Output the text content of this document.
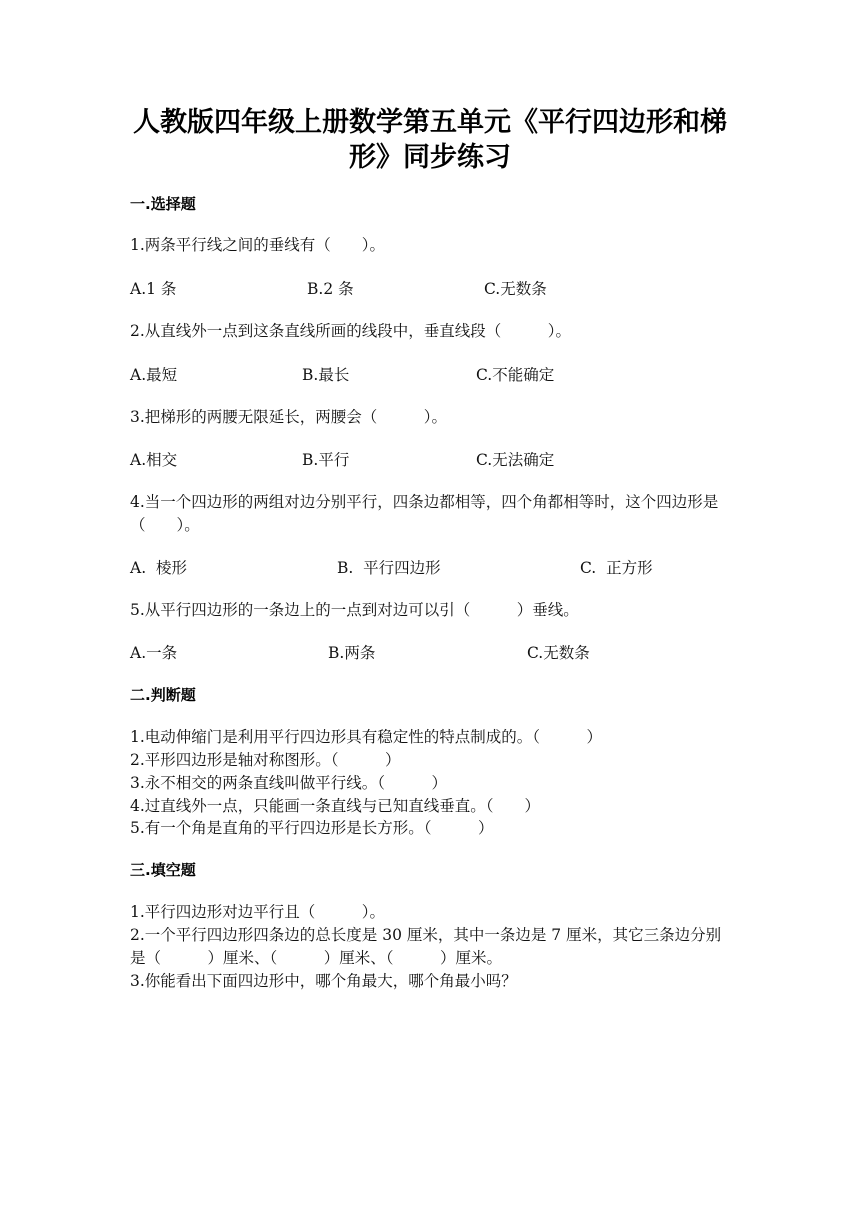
人教版四年级上册数学第五单元《平行四边形和梯
形》同步练习
一.选择题
1.两条平行线之间的垂线有（　　）。
A.1 条	B.2 条	C.无数条
2.从直线外一点到这条直线所画的线段中，垂直线段（　　　）。
A.最短	B.最长	C.不能确定
3.把梯形的两腰无限延长，两腰会（　　　）。
A.相交	B.平行	C.无法确定
4.当一个四边形的两组对边分别平行，四条边都相等，四个角都相等时，这个四边形是（　　）。
A.  棱形	B.  平行四边形	C.  正方形
5.从平行四边形的一条边上的一点到对边可以引（　　　）垂线。
A.一条	B.两条	C.无数条
二.判断题
1.电动伸缩门是利用平行四边形具有稳定性的特点制成的。（　　　）
2.平形四边形是轴对称图形。（　　　）
3.永不相交的两条直线叫做平行线。（　　　）
4.过直线外一点，只能画一条直线与已知直线垂直。（　　）
5.有一个角是直角的平行四边形是长方形。（　　　）
三.填空题
1.平行四边形对边平行且（　　　）。
2.一个平行四边形四条边的总长度是 30 厘米，其中一条边是 7 厘米，其它三条边分别是（　　　）厘米、（　　　）厘米、（　　　）厘米。
3.你能看出下面四边形中，哪个角最大，哪个角最小吗？
